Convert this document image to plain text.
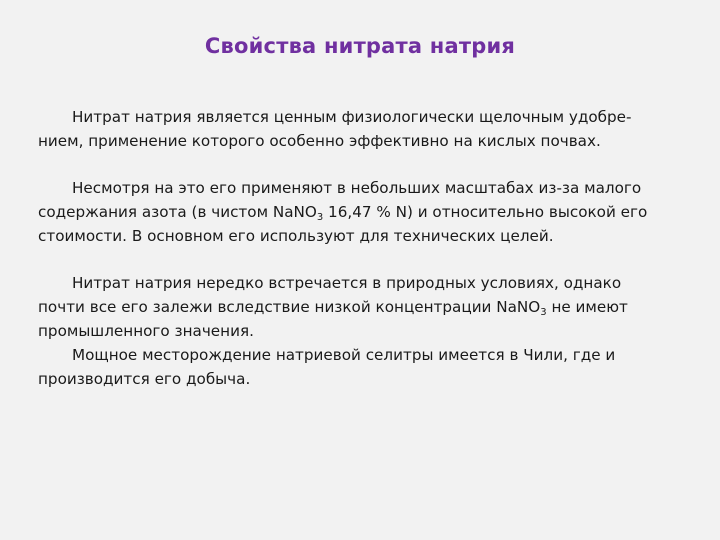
Свойства нитрата натрия
Нитрат натрия является ценным физиологически щелочным удобре-
нием, применение которого особенно эффективно на кислых почвах.
Несмотря на это его применяют в небольших масштабах из-за малого
содержания азота (в чистом NaNO$_3$ 16,47 % N) и относительно высокой его
стоимости. В основном его используют для технических целей.
Нитрат натрия нередко встречается в природных условиях, однако
почти все его залежи вследствие низкой концентрации NaNO$_3$ не имеют
промышленного значения.
Мощное месторождение натриевой селитры имеется в Чили, где и
производится его добыча.
